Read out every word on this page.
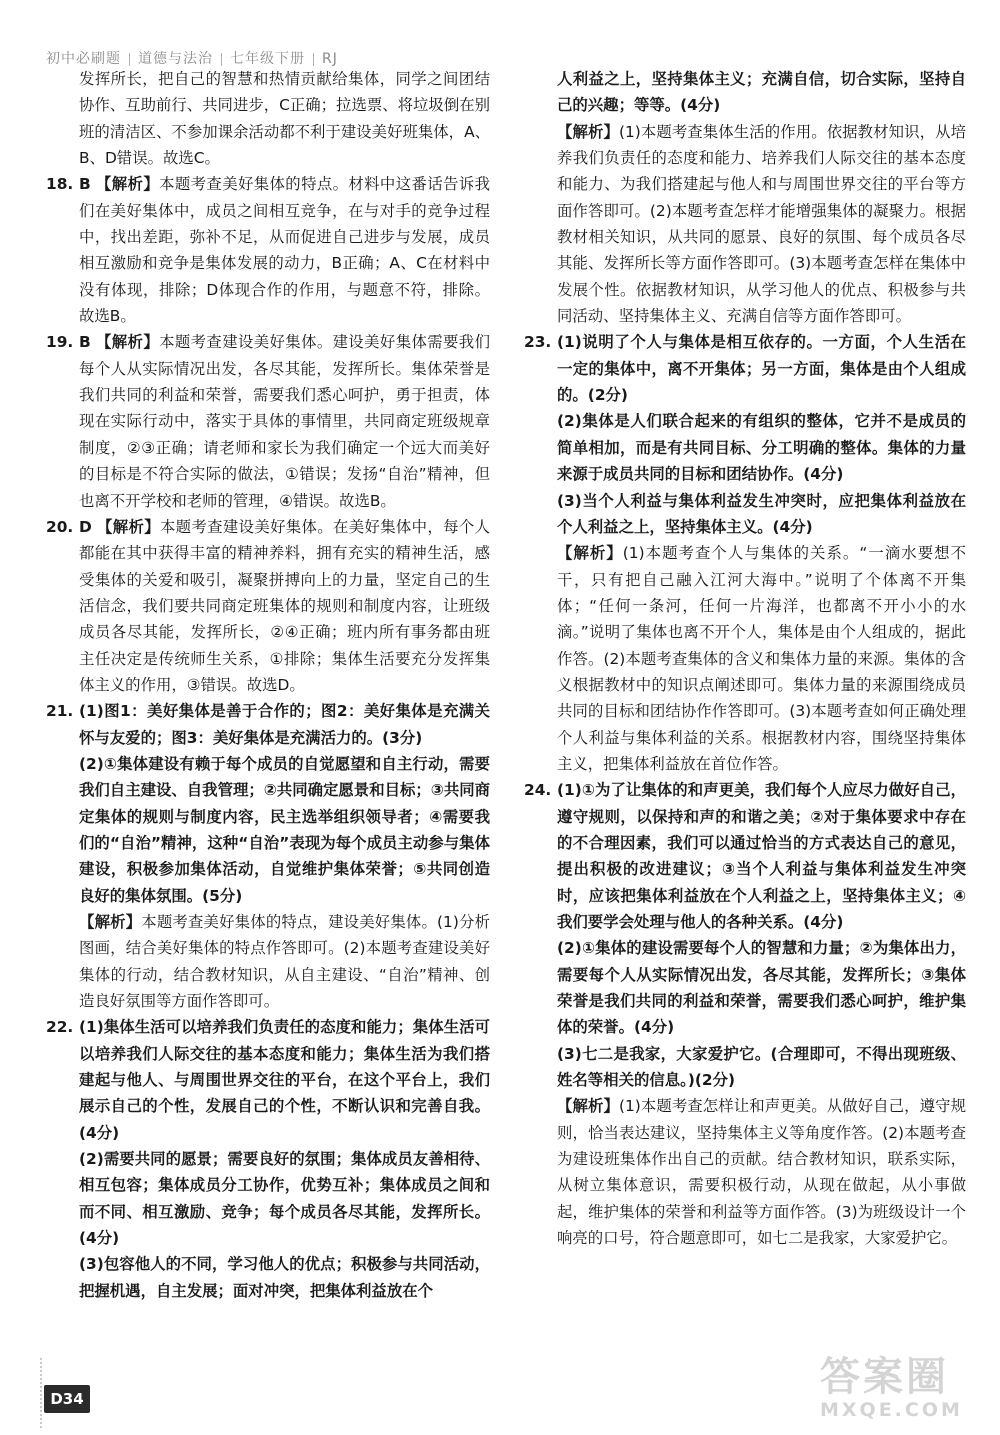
初中必刷题 道德与法治 七年级下册 RJ

发挥所长，把自己的智慧和热情贡献给集体，同学之间团结协作、互助前行、共同进步，C正确；拉选票、将垃圾倒在别班的清洁区、不参加课余活动都不利于建设美好班集体，A、B、D错误。故选C。

18. B 【解析】本题考查美好集体的特点。材料中这番话告诉我们在美好集体中，成员之间相互竞争，在与对手的竞争过程中，找出差距，弥补不足，从而促进自己进步与发展，成员相互激励和竞争是集体发展的动力，B正确；A、C在材料中没有体现，排除；D体现合作的作用，与题意不符，排除。故选B。

19. B 【解析】本题考查建设美好集体。建设美好集体需要我们每个人从实际情况出发，各尽其能，发挥所长。集体荣誉是我们共同的利益和荣誉，需要我们悉心呵护，勇于担责，体现在实际行动中，落实于具体的事情里，共同商定班级规章制度，②③正确；请老师和家长为我们确定一个远大而美好的目标是不符合实际的做法，①错误；发扬“自治”精神，但也离不开学校和老师的管理，④错误。故选B。

20. D 【解析】本题考查建设美好集体。在美好集体中，每个人都能在其中获得丰富的精神养料，拥有充实的精神生活，感受集体的关爱和吸引，凝聚拼搏向上的力量，坚定自己的生活信念，我们要共同商定班集体的规则和制度内容，让班级成员各尽其能，发挥所长，②④正确；班内所有事务都由班主任决定是传统师生关系，①排除；集体生活要充分发挥集体主义的作用，③错误。故选D。

21. (1)图1：美好集体是善于合作的；图2：美好集体是充满关怀与友爱的；图3：美好集体是充满活力的。(3分)

(2)①集体建设有赖于每个成员的自觉愿望和自主行动，需要我们自主建设、自我管理；②共同确定愿景和目标；③共同商定集体的规则与制度内容，民主选举组织领导者；④需要我们的“自治”精神，这种“自治”表现为每个成员主动参与集体建设，积极参加集体活动，自觉维护集体荣誉；⑤共同创造良好的集体氛围。(5分)

【解析】本题考查美好集体的特点，建设美好集体。(1)分析图画，结合美好集体的特点作答即可。(2)本题考查建设美好集体的行动，结合教材知识，从自主建设、“自治”精神、创造良好氛围等方面作答即可。

22. (1)集体生活可以培养我们负责任的态度和能力；集体生活可以培养我们人际交往的基本态度和能力；集体生活为我们搭建起与他人、与周围世界交往的平台，在这个平台上，我们展示自己的个性，发展自己的个性，不断认识和完善自我。(4分)

(2)需要共同的愿景；需要良好的氛围；集体成员友善相待、相互包容；集体成员分工协作，优势互补；集体成员之间和而不同、相互激励、竞争；每个成员各尽其能，发挥所长。(4分)

(3)包容他人的不同，学习他人的优点；积极参与共同活动，把握机遇，自主发展；面对冲突，把集体利益放在个

人利益之上，坚持集体主义；充满自信，切合实际，坚持自己的兴趣；等等。(4分)

【解析】(1)本题考查集体生活的作用。依据教材知识，从培养我们负责任的态度和能力、培养我们人际交往的基本态度和能力、为我们搭建起与他人和与周围世界交往的平台等方面作答即可。(2)本题考查怎样才能增强集体的凝聚力。根据教材相关知识，从共同的愿景、良好的氛围、每个成员各尽其能、发挥所长等方面作答即可。(3)本题考查怎样在集体中发展个性。依据教材知识，从学习他人的优点、积极参与共同活动、坚持集体主义、充满自信等方面作答即可。

23. (1)说明了个人与集体是相互依存的。一方面，个人生活在一定的集体中，离不开集体；另一方面，集体是由个人组成的。(2分)

(2)集体是人们联合起来的有组织的整体，它并不是成员的简单相加，而是有共同目标、分工明确的整体。集体的力量来源于成员共同的目标和团结协作。(4分)

(3)当个人利益与集体利益发生冲突时，应把集体利益放在个人利益之上，坚持集体主义。(4分)

【解析】(1)本题考查个人与集体的关系。“一滴水要想不干，只有把自己融入江河大海中。”说明了个体离不开集体；“任何一条河，任何一片海洋，也都离不开小小的水滴。”说明了集体也离不开个人，集体是由个人组成的，据此作答。(2)本题考查集体的含义和集体力量的来源。集体的含义根据教材中的知识点阐述即可。集体力量的来源围绕成员共同的目标和团结协作作答即可。(3)本题考查如何正确处理个人利益与集体利益的关系。根据教材内容，围绕坚持集体主义，把集体利益放在首位作答。

24. (1)①为了让集体的和声更美，我们每个人应尽力做好自己，遵守规则，以保持和声的和谐之美；②对于集体要求中存在的不合理因素，我们可以通过恰当的方式表达自己的意见，提出积极的改进建议；③当个人利益与集体利益发生冲突时，应该把集体利益放在个人利益之上，坚持集体主义；④我们要学会处理与他人的各种关系。(4分)

(2)①集体的建设需要每个人的智慧和力量；②为集体出力，需要每个人从实际情况出发，各尽其能，发挥所长；③集体荣誉是我们共同的利益和荣誉，需要我们悉心呵护，维护集体的荣誉。(4分)

(3)七二是我家，大家爱护它。(合理即可，不得出现班级、姓名等相关的信息。)(2分)

【解析】(1)本题考查怎样让和声更美。从做好自己，遵守规则，恰当表达建议，坚持集体主义等角度作答。(2)本题考查为建设班集体作出自己的贡献。结合教材知识，联系实际，从树立集体意识，需要积极行动，从现在做起，从小事做起，维护集体的荣誉和利益等方面作答。(3)为班级设计一个响亮的口号，符合题意即可，如七二是我家，大家爱护它。

D34	答案圈
MXQE.COM
